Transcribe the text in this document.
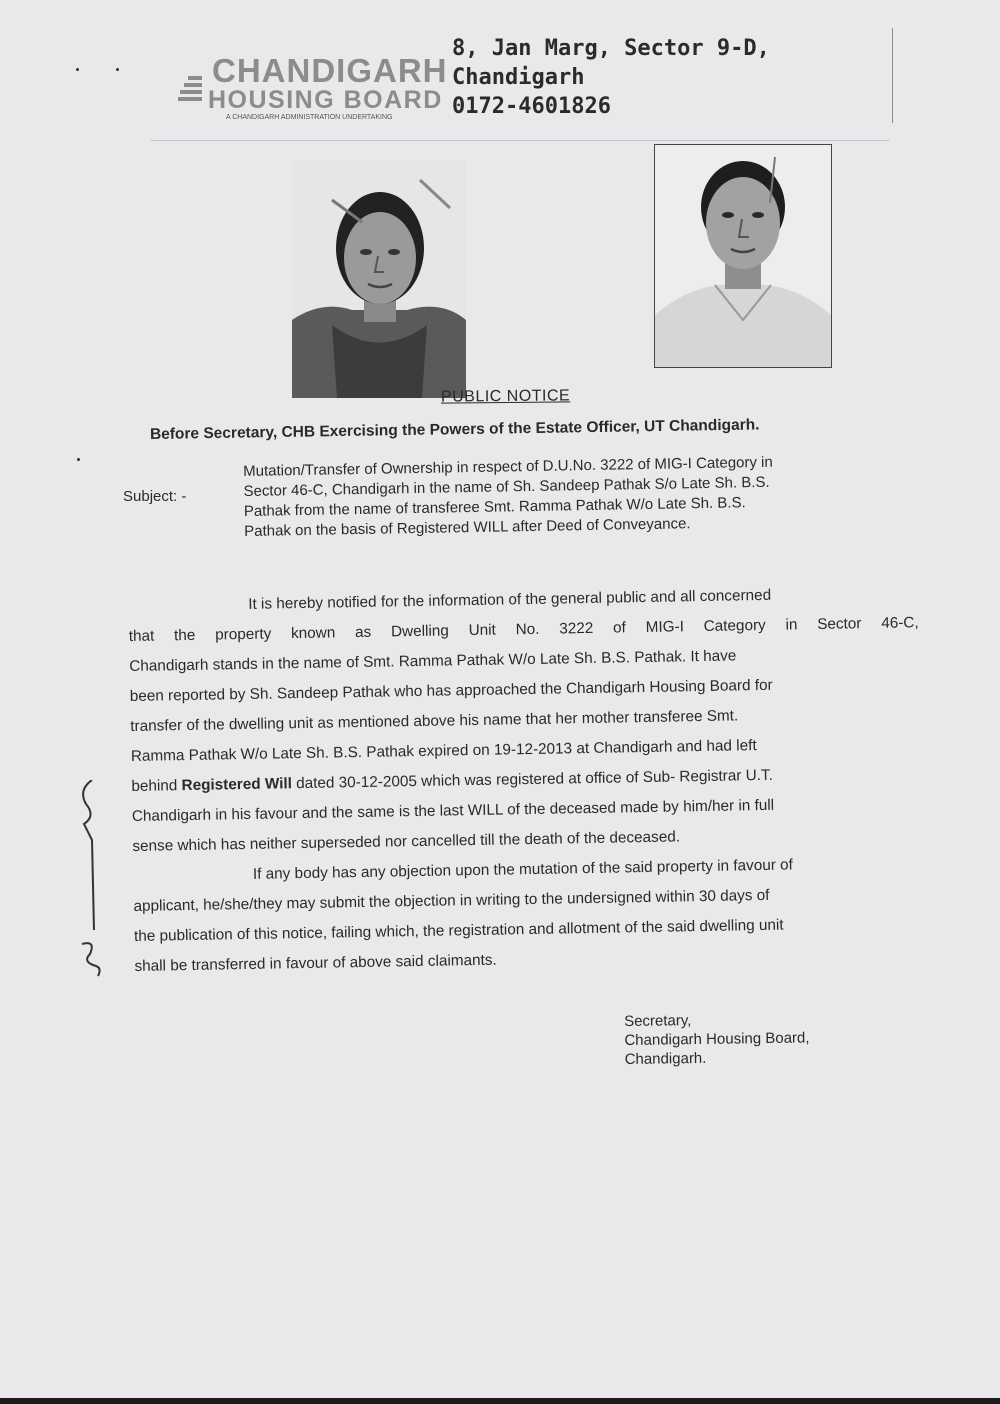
CHANDIGARH
HOUSING BOARD
A CHANDIGARH ADMINISTRATION UNDERTAKING
8, Jan Marg, Sector 9-D,
Chandigarh
0172-4601826
PUBLIC NOTICE
Before Secretary, CHB Exercising the Powers of the Estate Officer, UT Chandigarh.
Subject: -
Mutation/Transfer of Ownership in respect of D.U.No. 3222 of MIG-I Category in
Sector 46-C, Chandigarh in the name of Sh. Sandeep Pathak S/o Late Sh. B.S.
Pathak from the name of transferee Smt. Ramma Pathak W/o Late Sh. B.S.
Pathak on the basis of Registered WILL after Deed of Conveyance.
It is hereby notified for the information of the general public and all concerned
that the property known as Dwelling Unit No. 3222 of MIG-I Category in Sector 46-C,
Chandigarh stands in the name of Smt. Ramma Pathak W/o Late Sh. B.S. Pathak. It have
been reported by Sh. Sandeep Pathak who has approached the Chandigarh Housing Board for
transfer of the dwelling unit as mentioned above his name that her mother transferee Smt.
Ramma Pathak W/o Late Sh. B.S. Pathak expired on 19-12-2013 at Chandigarh and had left
behind Registered Will dated 30-12-2005 which was registered at office of Sub- Registrar U.T.
Chandigarh in his favour and the same is the last WILL of the deceased made by him/her in full
sense which has neither superseded nor cancelled till the death of the deceased.
If any body has any objection upon the mutation of the said property in favour of
applicant, he/she/they may submit the objection in writing to the undersigned within 30 days of
the publication of this notice, failing which, the registration and allotment of the said dwelling unit
shall be transferred in favour of above said claimants.
Secretary,
Chandigarh Housing Board,
Chandigarh.
